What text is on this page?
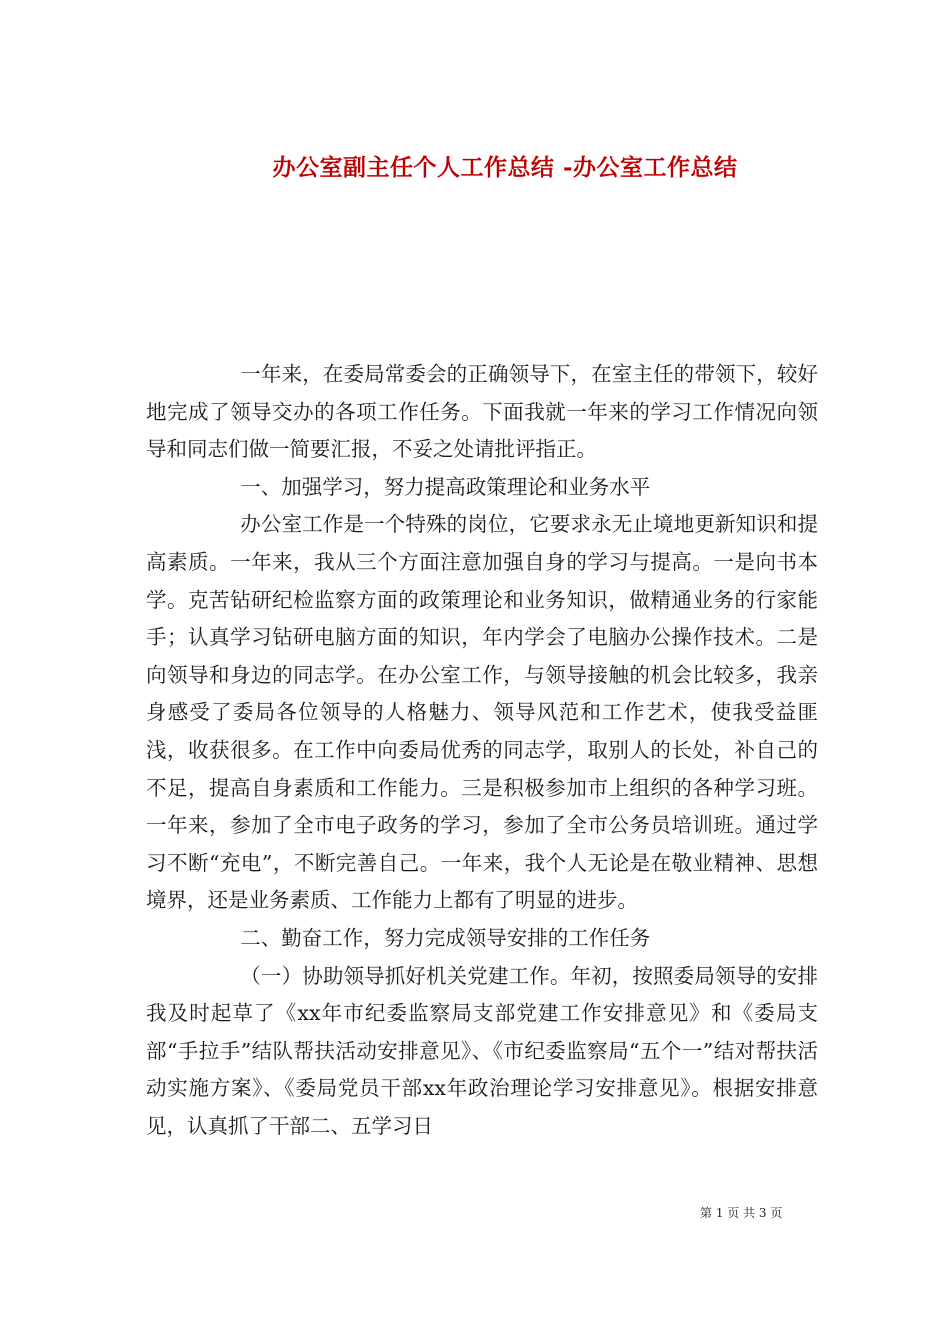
办公室副主任个人工作总结 -办公室工作总结

一年来，在委局常委会的正确领导下，在室主任的带领下，较好地完成了领导交办的各项工作任务。下面我就一年来的学习工作情况向领导和同志们做一简要汇报，不妥之处请批评指正。

一、加强学习，努力提高政策理论和业务水平

办公室工作是一个特殊的岗位，它要求永无止境地更新知识和提高素质。一年来，我从三个方面注意加强自身的学习与提高。一是向书本学。克苦钻研纪检监察方面的政策理论和业务知识，做精通业务的行家能手；认真学习钻研电脑方面的知识，年内学会了电脑办公操作技术。二是向领导和身边的同志学。在办公室工作，与领导接触的机会比较多，我亲身感受了委局各位领导的人格魅力、领导风范和工作艺术，使我受益匪浅，收获很多。在工作中向委局优秀的同志学，取别人的长处，补自己的不足，提高自身素质和工作能力。三是积极参加市上组织的各种学习班。一年来，参加了全市电子政务的学习，参加了全市公务员培训班。通过学习不断“充电”，不断完善自己。一年来，我个人无论是在敬业精神、思想境界，还是业务素质、工作能力上都有了明显的进步。

二、勤奋工作，努力完成领导安排的工作任务

（一）协助领导抓好机关党建工作。年初，按照委局领导的安排我及时起草了《xx年市纪委监察局支部党建工作安排意见》和《委局支部“手拉手”结队帮扶活动安排意见》、《市纪委监察局“五个一”结对帮扶活动实施方案》、《委局党员干部xx年政治理论学习安排意见》。根据安排意见，认真抓了干部二、五学习日

第 1 页 共 3 页
